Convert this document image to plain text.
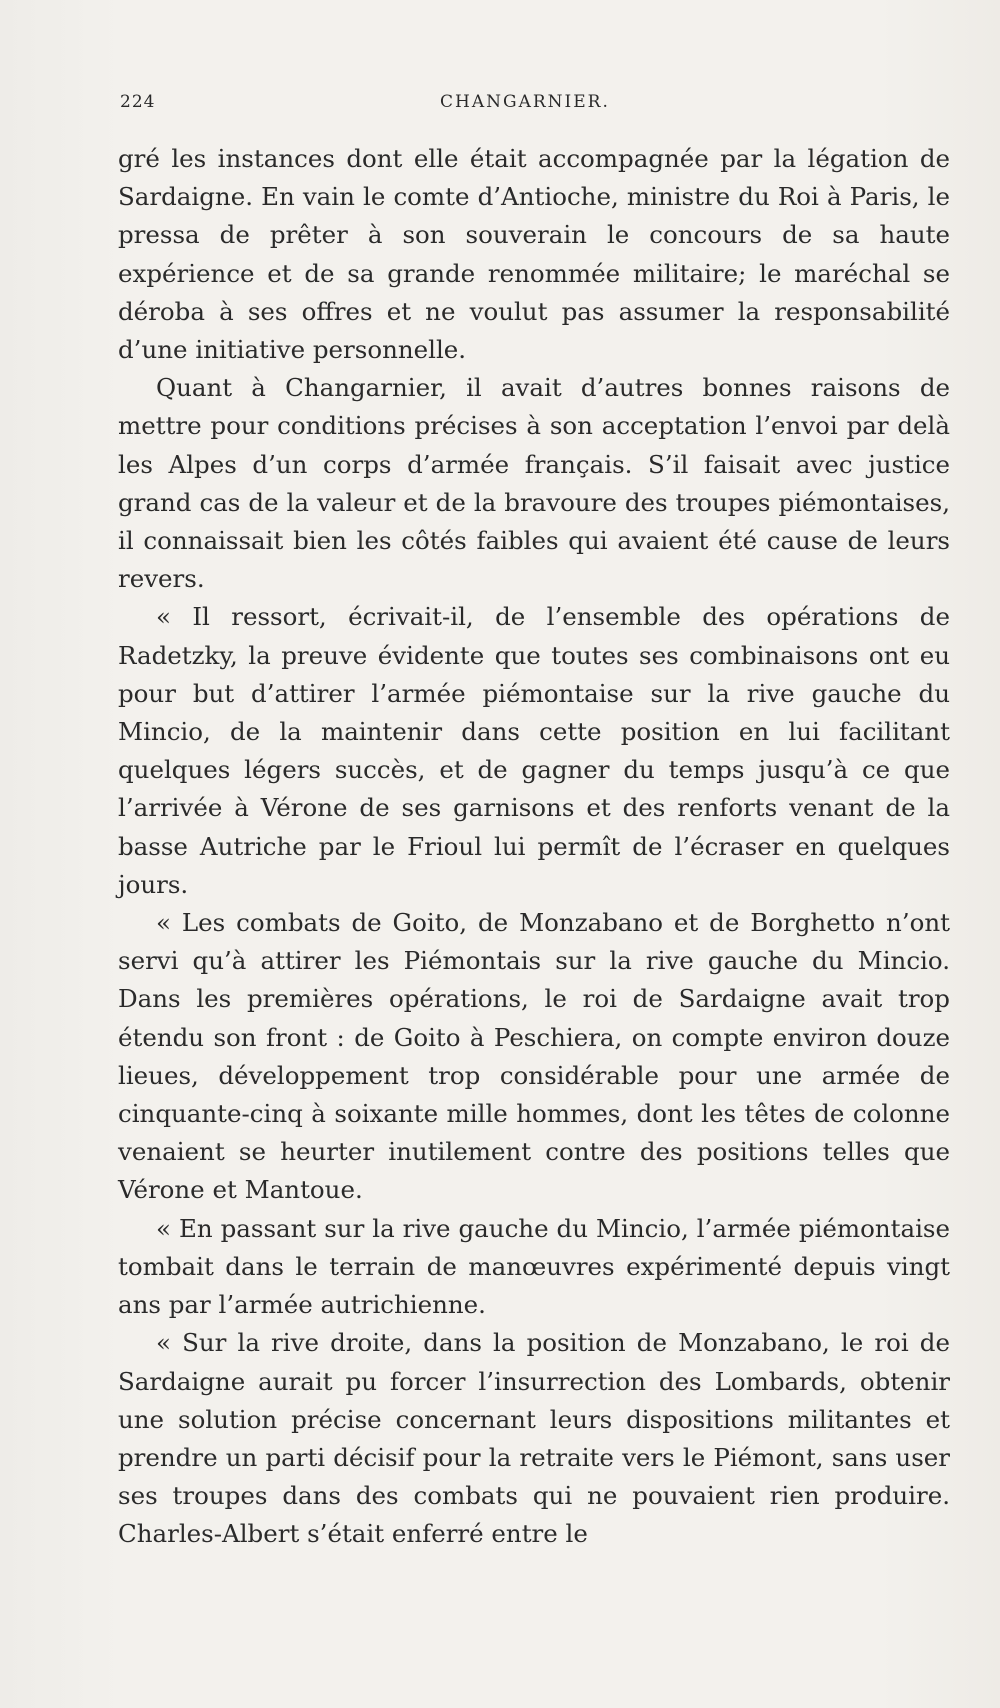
224	CHANGARNIER.

gré les instances dont elle était accompagnée par la légation de Sardaigne. En vain le comte d’Antioche, ministre du Roi à Paris, le pressa de prêter à son souverain le concours de sa haute expérience et de sa grande renommée militaire; le maréchal se déroba à ses offres et ne voulut pas assumer la responsabilité d’une initiative personnelle.

Quant à Changarnier, il avait d’autres bonnes raisons de mettre pour conditions précises à son acceptation l’envoi par delà les Alpes d’un corps d’armée français. S’il faisait avec justice grand cas de la valeur et de la bravoure des troupes piémontaises, il connaissait bien les côtés faibles qui avaient été cause de leurs revers.

« Il ressort, écrivait-il, de l’ensemble des opérations de Radetzky, la preuve évidente que toutes ses combinaisons ont eu pour but d’attirer l’armée piémontaise sur la rive gauche du Mincio, de la maintenir dans cette position en lui facilitant quelques légers succès, et de gagner du temps jusqu’à ce que l’arrivée à Vérone de ses garnisons et des renforts venant de la basse Autriche par le Frioul lui permît de l’écraser en quelques jours.

« Les combats de Goito, de Monzabano et de Borghetto n’ont servi qu’à attirer les Piémontais sur la rive gauche du Mincio. Dans les premières opérations, le roi de Sardaigne avait trop étendu son front : de Goito à Peschiera, on compte environ douze lieues, développement trop considérable pour une armée de cinquante-cinq à soixante mille hommes, dont les têtes de colonne venaient se heurter inutilement contre des positions telles que Vérone et Mantoue.

« En passant sur la rive gauche du Mincio, l’armée piémontaise tombait dans le terrain de manœuvres expérimenté depuis vingt ans par l’armée autrichienne.

« Sur la rive droite, dans la position de Monzabano, le roi de Sardaigne aurait pu forcer l’insurrection des Lombards, obtenir une solution précise concernant leurs dispositions militantes et prendre un parti décisif pour la retraite vers le Piémont, sans user ses troupes dans des combats qui ne pouvaient rien produire. Charles-Albert s’était enferré entre le
